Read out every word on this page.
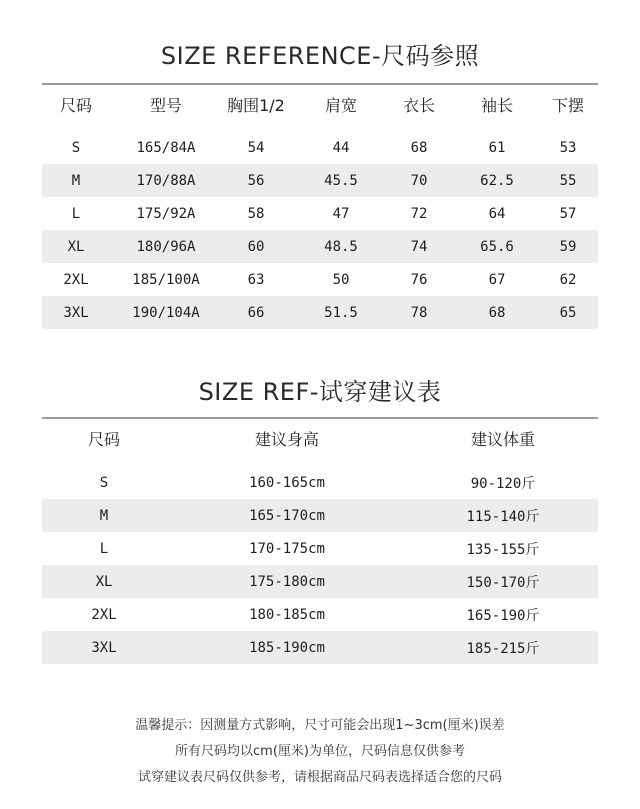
SIZE REFERENCE-尺码参照
尺码	型号	胸围1/2	肩宽	衣长	袖长	下摆
S	165/84A	54	44	68	61	53
M	170/88A	56	45.5	70	62.5	55
L	175/92A	58	47	72	64	57
XL	180/96A	60	48.5	74	65.6	59
2XL	185/100A	63	50	76	67	62
3XL	190/104A	66	51.5	78	68	65
SIZE REF-试穿建议表
尺码	建议身高	建议体重
S	160-165cm	90-120斤
M	165-170cm	115-140斤
L	170-175cm	135-155斤
XL	175-180cm	150-170斤
2XL	180-185cm	165-190斤
3XL	185-190cm	185-215斤
温馨提示：因测量方式影响，尺寸可能会出现1~3cm(厘米)误差
所有尺码均以cm(厘米)为单位，尺码信息仅供参考
试穿建议表尺码仅供参考，请根据商品尺码表选择适合您的尺码
